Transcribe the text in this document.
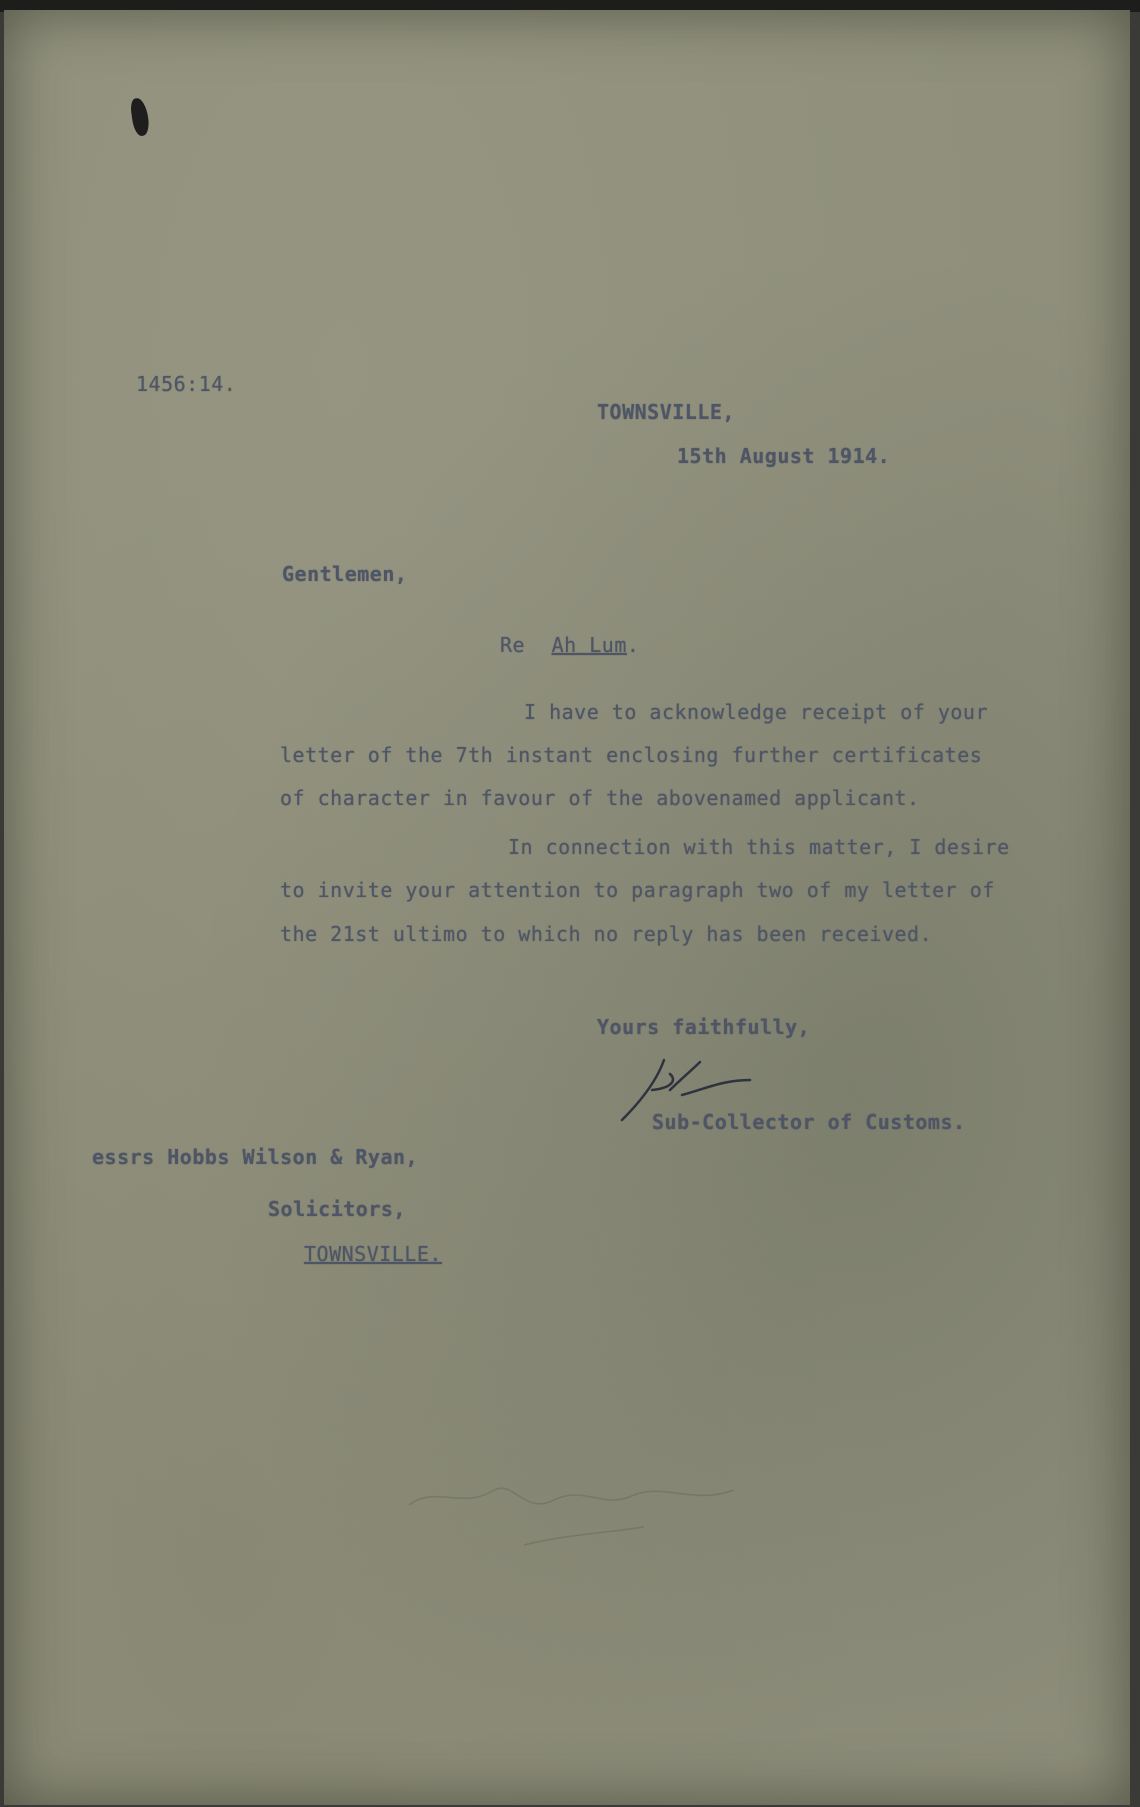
1456:14.
TOWNSVILLE,
15th August 1914.
Gentlemen,
Re Ah Lum.
I have to acknowledge receipt of your
letter of the 7th instant enclosing further certificates
of character in favour of the abovenamed applicant.
In connection with this matter, I desire
to invite your attention to paragraph two of my letter of
the 21st ultimo to which no reply has been received.
Yours faithfully,
Sub-Collector of Customs.
essrs Hobbs Wilson & Ryan,
Solicitors,
TOWNSVILLE.
